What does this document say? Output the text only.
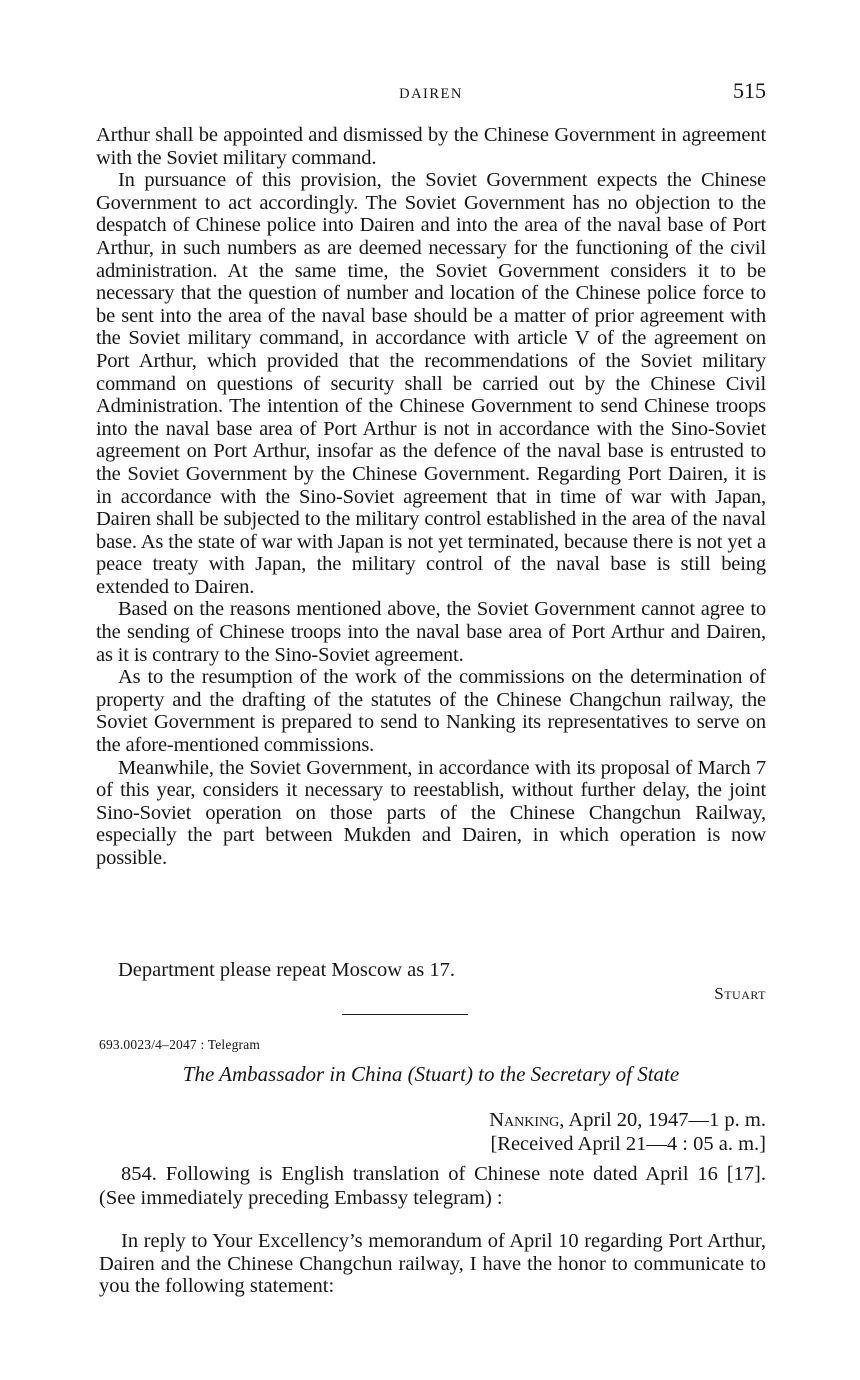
DAIREN	515

Arthur shall be appointed and dismissed by the Chinese Government in agreement with the Soviet military command.

In pursuance of this provision, the Soviet Government expects the Chinese Government to act accordingly. The Soviet Government has no objection to the despatch of Chinese police into Dairen and into the area of the naval base of Port Arthur, in such numbers as are deemed necessary for the functioning of the civil administration. At the same time, the Soviet Government considers it to be necessary that the question of number and location of the Chinese police force to be sent into the area of the naval base should be a matter of prior agreement with the Soviet military command, in accordance with article V of the agreement on Port Arthur, which provided that the recommendations of the Soviet military command on questions of security shall be carried out by the Chinese Civil Administration. The intention of the Chinese Government to send Chinese troops into the naval base area of Port Arthur is not in accordance with the Sino-Soviet agreement on Port Arthur, insofar as the defence of the naval base is entrusted to the Soviet Government by the Chinese Government. Regarding Port Dairen, it is in accordance with the Sino-Soviet agreement that in time of war with Japan, Dairen shall be subjected to the military control established in the area of the naval base. As the state of war with Japan is not yet terminated, because there is not yet a peace treaty with Japan, the military control of the naval base is still being extended to Dairen.

Based on the reasons mentioned above, the Soviet Government cannot agree to the sending of Chinese troops into the naval base area of Port Arthur and Dairen, as it is contrary to the Sino-Soviet agreement.

As to the resumption of the work of the commissions on the determination of property and the drafting of the statutes of the Chinese Changchun railway, the Soviet Government is prepared to send to Nanking its representatives to serve on the afore-mentioned commissions.

Meanwhile, the Soviet Government, in accordance with its proposal of March 7 of this year, considers it necessary to reestablish, without further delay, the joint Sino-Soviet operation on those parts of the Chinese Changchun Railway, especially the part between Mukden and Dairen, in which operation is now possible.

Department please repeat Moscow as 17.
Stuart
693.0023/4–2047 : Telegram
The Ambassador in China (Stuart) to the Secretary of State
Nanking, April 20, 1947—1 p. m.
[Received April 21—4 : 05 a. m.]

854. Following is English translation of Chinese note dated April 16 [17]. (See immediately preceding Embassy telegram) :

In reply to Your Excellency’s memorandum of April 10 regarding Port Arthur, Dairen and the Chinese Changchun railway, I have the honor to communicate to you the following statement:
